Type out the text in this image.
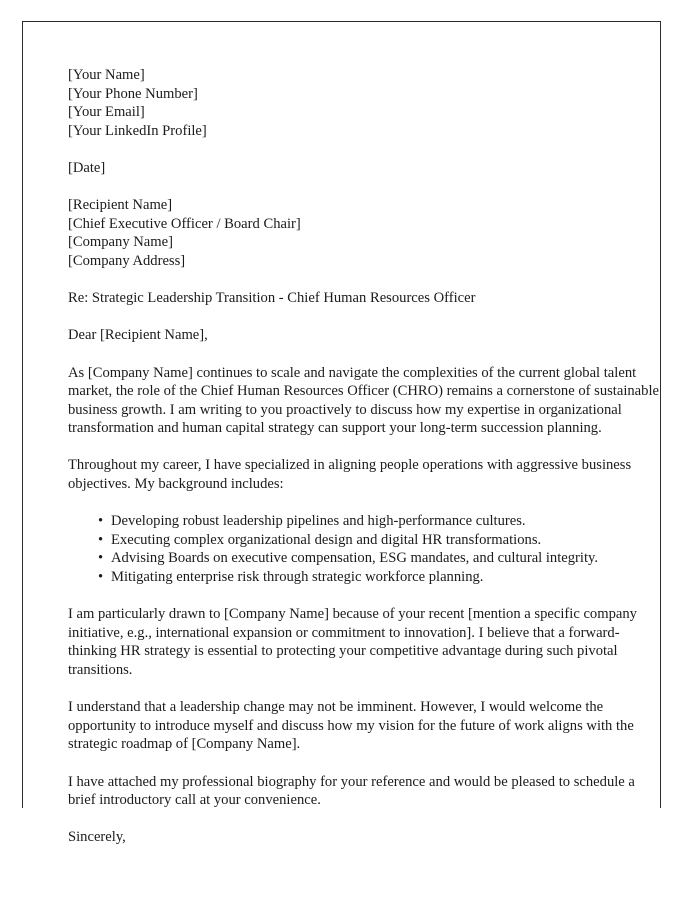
[Your Name]
[Your Phone Number]
[Your Email]
[Your LinkedIn Profile]
[Date]
[Recipient Name]
[Chief Executive Officer / Board Chair]
[Company Name]
[Company Address]

Re: Strategic Leadership Transition - Chief Human Resources Officer

Dear [Recipient Name],

As [Company Name] continues to scale and navigate the complexities of the current global talent market, the role of the Chief Human Resources Officer (CHRO) remains a cornerstone of sustainable business growth. I am writing to you proactively to discuss how my expertise in organizational transformation and human capital strategy can support your long-term succession planning.

Throughout my career, I have specialized in aligning people operations with aggressive business objectives. My background includes:

• Developing robust leadership pipelines and high-performance cultures.
• Executing complex organizational design and digital HR transformations.
• Advising Boards on executive compensation, ESG mandates, and cultural integrity.
• Mitigating enterprise risk through strategic workforce planning.

I am particularly drawn to [Company Name] because of your recent [mention a specific company initiative, e.g., international expansion or commitment to innovation]. I believe that a forward-thinking HR strategy is essential to protecting your competitive advantage during such pivotal transitions.

I understand that a leadership change may not be imminent. However, I would welcome the opportunity to introduce myself and discuss how my vision for the future of work aligns with the strategic roadmap of [Company Name].

I have attached my professional biography for your reference and would be pleased to schedule a brief introductory call at your convenience.

Sincerely,
